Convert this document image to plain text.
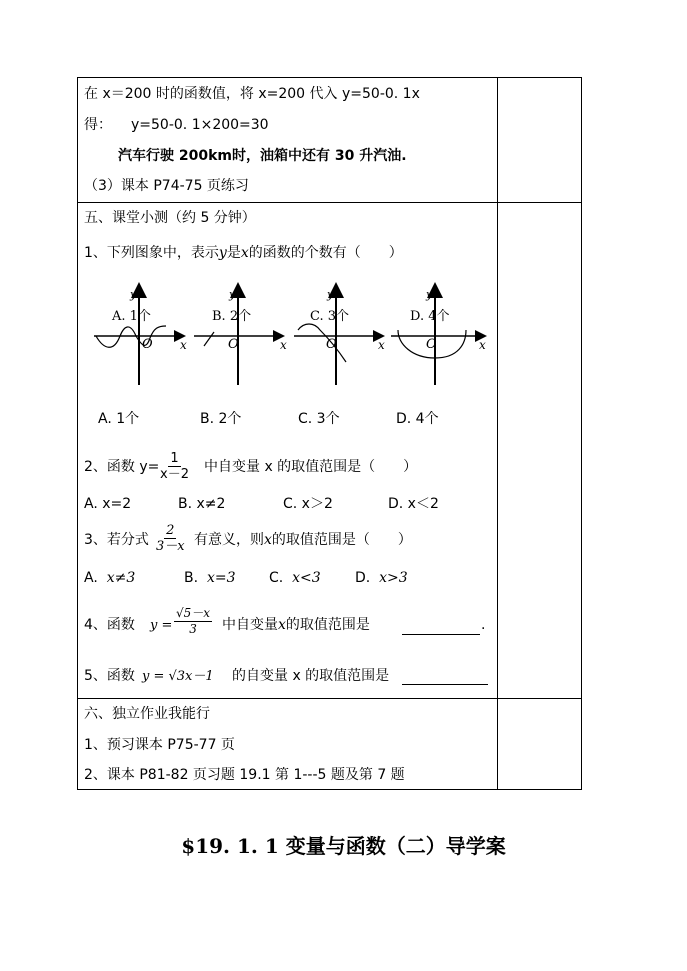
在 x＝200 时的函数值，将 x=200 代入 y=50-0. 1x
得： y=50-0. 1×200=30
汽车行驶 200km时，油箱中还有 30 升汽油.
（3）课本 P74-75 页练习
五、课堂小测（约 5 分钟）
1、下列图象中，表示y是x的函数的个数有（　　）
y
x
O
A. 1个
y
x
O
B. 2个
y
x
O
C. 3个
y
x
O
D. 4个
A. 1个	B. 2个	C. 3个	D. 4个
2、函数 $y= \frac{1}{x-2}$ 中自变量 x 的取值范围是（　　）
A. x=2	B. x≠2	C. x＞2	D. x＜2
3、若分式 $\frac{2}{3-x}$ 有意义，则x的取值范围是（　　）
A. x≠3	B. x=3 C. x<3 D. x>3
4、函数 $y = \frac{√5-x}{3}$ 中自变量x的取值范围是	.
5、函数 y = √3x－1 的自变量 x 的取值范围是
六、独立作业我能行
1、预习课本 P75-77 页
2、课本 P81-82 页习题 19.1 第 1---5 题及第 7 题
$19. 1. 1 变量与函数（二）导学案
